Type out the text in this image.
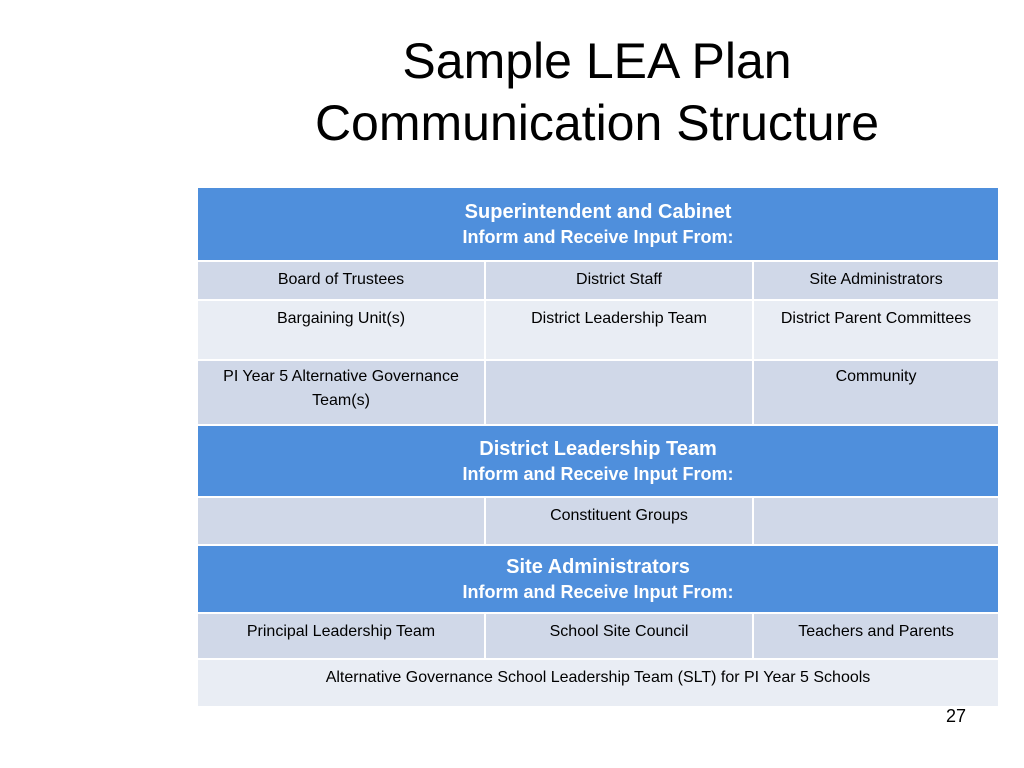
Sample LEA Plan
Communication Structure
Superintendent and Cabinet
Inform and Receive Input From:		

Board of Trustees	District Staff	Site Administrators
Bargaining Unit(s)	District Leadership Team	District Parent Committees
PI Year 5 Alternative Governance Team(s)		Community

District Leadership Team
Inform and Receive Input From:		

	Constituent Groups	

Site Administrators
Inform and Receive Input From:		

Principal Leadership Team	School Site Council	Teachers and Parents
Alternative Governance School Leadership Team (SLT) for PI Year 5 Schools		
27
